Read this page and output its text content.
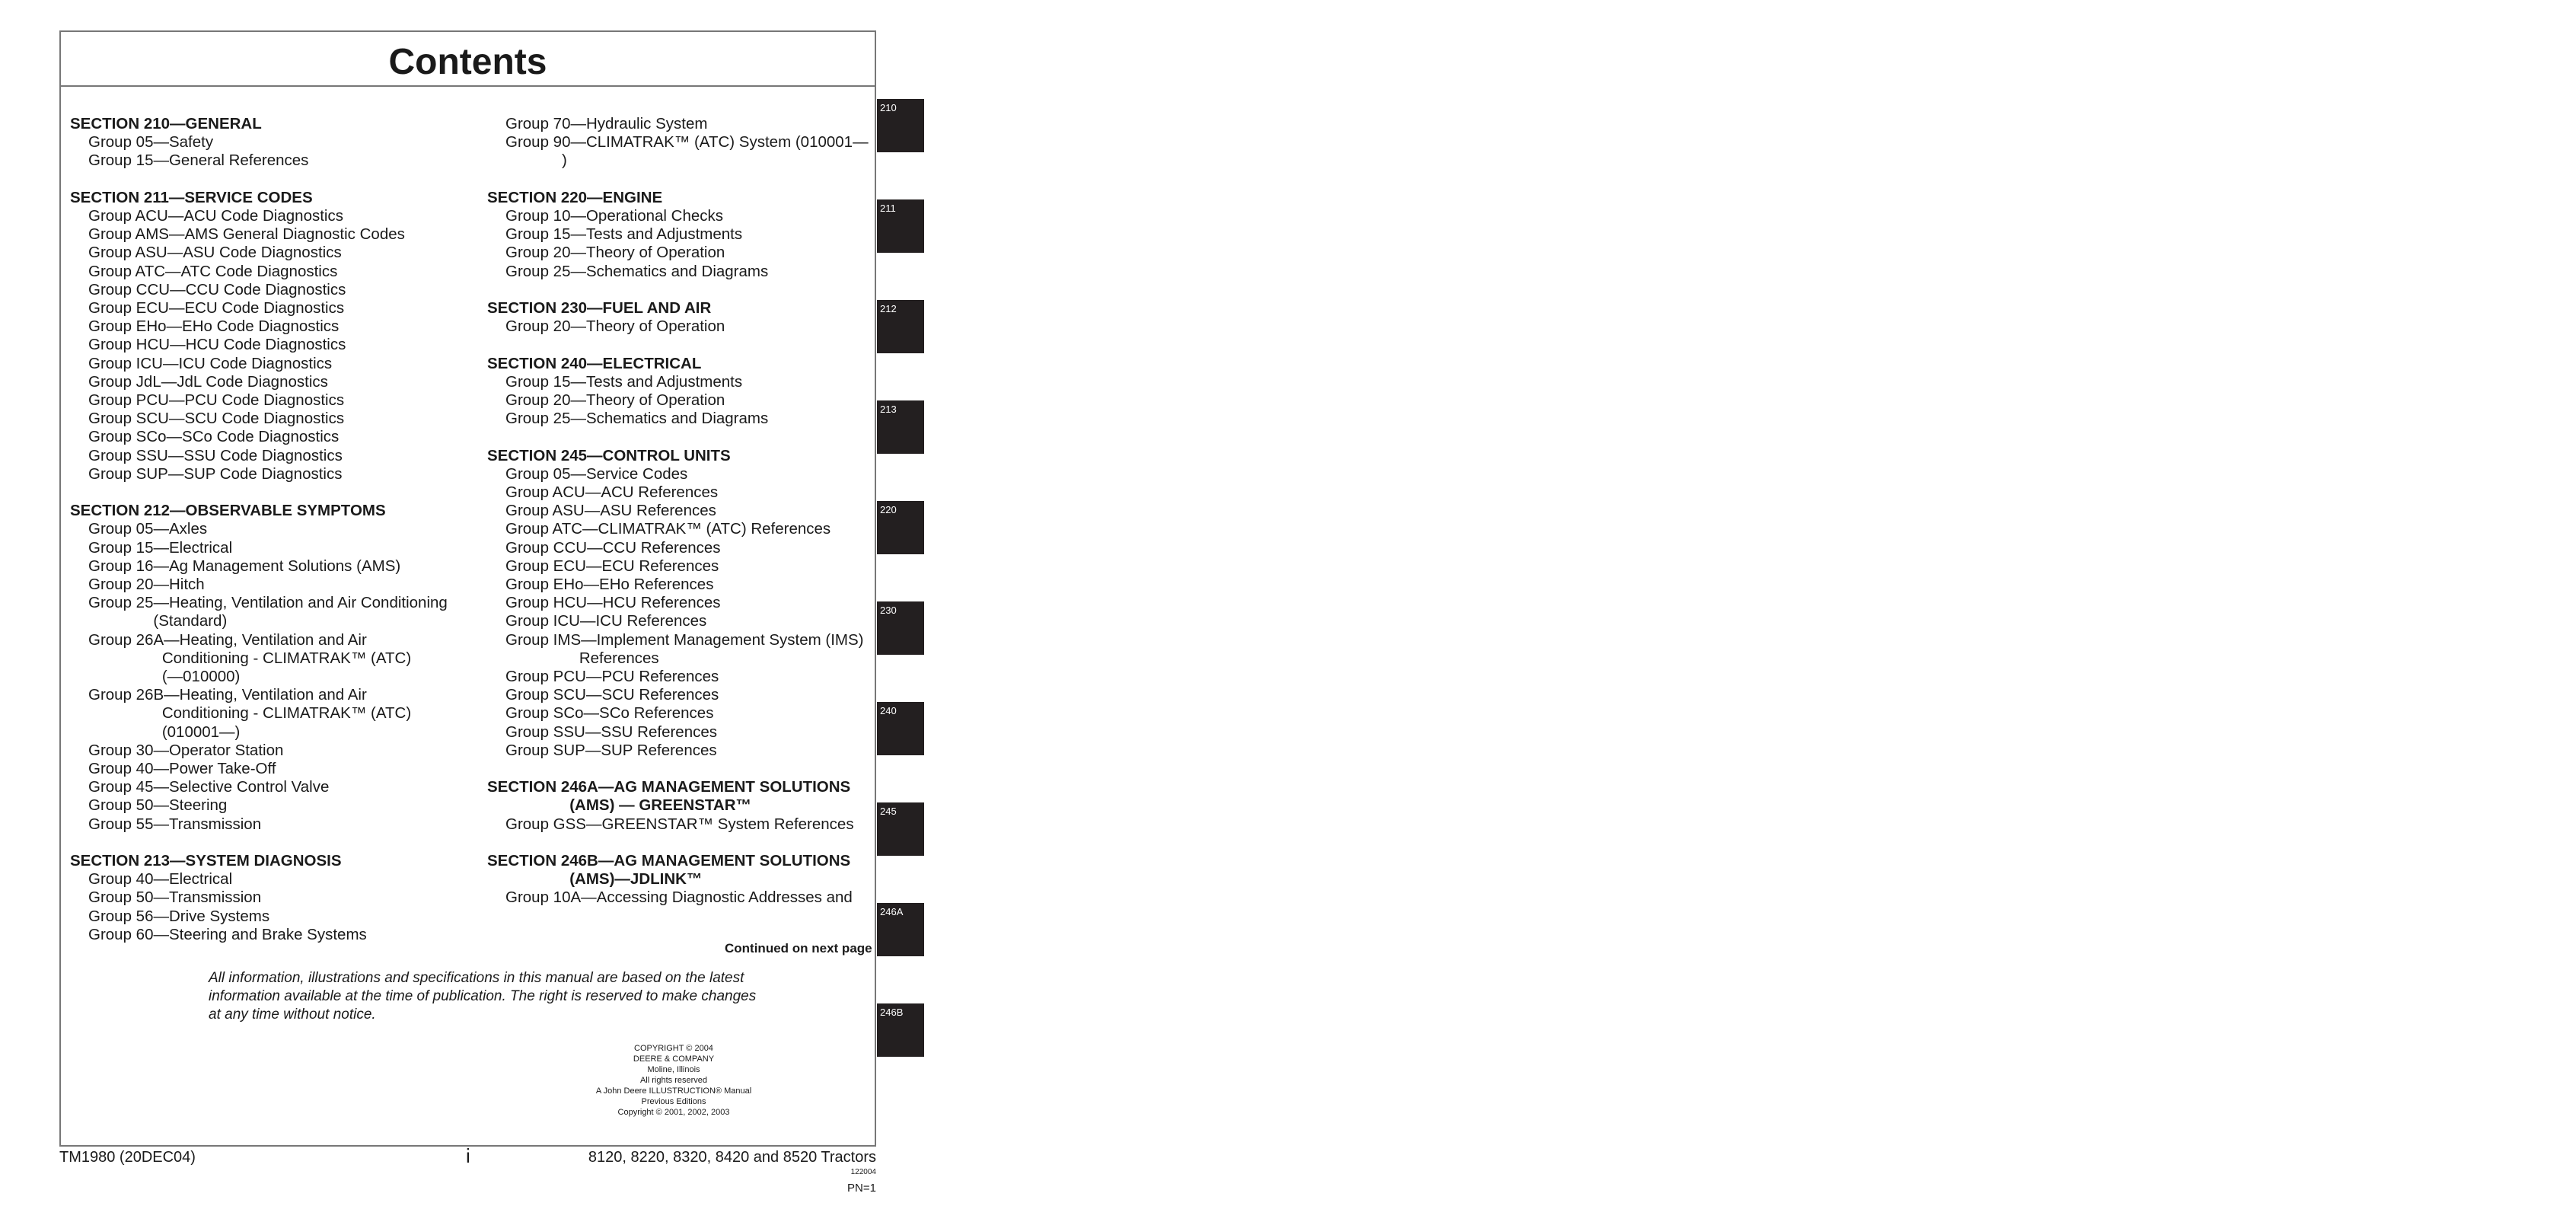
Contents
SECTION 210—GENERAL
Group 05—Safety
Group 15—General References
SECTION 211—SERVICE CODES
Group ACU—ACU Code Diagnostics
Group AMS—AMS General Diagnostic Codes
Group ASU—ASU Code Diagnostics
Group ATC—ATC Code Diagnostics
Group CCU—CCU Code Diagnostics
Group ECU—ECU Code Diagnostics
Group EHo—EHo Code Diagnostics
Group HCU—HCU Code Diagnostics
Group ICU—ICU Code Diagnostics
Group JdL—JdL Code Diagnostics
Group PCU—PCU Code Diagnostics
Group SCU—SCU Code Diagnostics
Group SCo—SCo Code Diagnostics
Group SSU—SSU Code Diagnostics
Group SUP—SUP Code Diagnostics
SECTION 212—OBSERVABLE SYMPTOMS
Group 05—Axles
Group 15—Electrical
Group 16—Ag Management Solutions (AMS)
Group 20—Hitch
Group 25—Heating, Ventilation and Air Conditioning
(Standard)
Group 26A—Heating, Ventilation and Air
Conditioning - CLIMATRAK™ (ATC)
(—010000)
Group 26B—Heating, Ventilation and Air
Conditioning - CLIMATRAK™ (ATC)
(010001—)
Group 30—Operator Station
Group 40—Power Take-Off
Group 45—Selective Control Valve
Group 50—Steering
Group 55—Transmission
SECTION 213—SYSTEM DIAGNOSIS
Group 40—Electrical
Group 50—Transmission
Group 56—Drive Systems
Group 60—Steering and Brake Systems
Group 70—Hydraulic System
Group 90—CLIMATRAK™ (ATC) System (010001—
)
SECTION 220—ENGINE
Group 10—Operational Checks
Group 15—Tests and Adjustments
Group 20—Theory of Operation
Group 25—Schematics and Diagrams
SECTION 230—FUEL AND AIR
Group 20—Theory of Operation
SECTION 240—ELECTRICAL
Group 15—Tests and Adjustments
Group 20—Theory of Operation
Group 25—Schematics and Diagrams
SECTION 245—CONTROL UNITS
Group 05—Service Codes
Group ACU—ACU References
Group ASU—ASU References
Group ATC—CLIMATRAK™ (ATC) References
Group CCU—CCU References
Group ECU—ECU References
Group EHo—EHo References
Group HCU—HCU References
Group ICU—ICU References
Group IMS—Implement Management System (IMS)
References
Group PCU—PCU References
Group SCU—SCU References
Group SCo—SCo References
Group SSU—SSU References
Group SUP—SUP References
SECTION 246A—AG MANAGEMENT SOLUTIONS
(AMS) — GREENSTAR™
Group GSS—GREENSTAR™ System References
SECTION 246B—AG MANAGEMENT SOLUTIONS
(AMS)—JDLINK™
Group 10A—Accessing Diagnostic Addresses and
Continued on next page
All information, illustrations and specifications in this manual are based on the latest information available at the time of publication. The right is reserved to make changes at any time without notice.
COPYRIGHT © 2004
DEERE & COMPANY
Moline, Illinois
All rights reserved
A John Deere ILLUSTRUCTION® Manual
Previous Editions
Copyright © 2001, 2002, 2003
TM1980 (20DEC04)	i	8120, 8220, 8320, 8420 and 8520 Tractors
122004
PN=1
210
211
212
213
220
230
240
245
246A
246B
